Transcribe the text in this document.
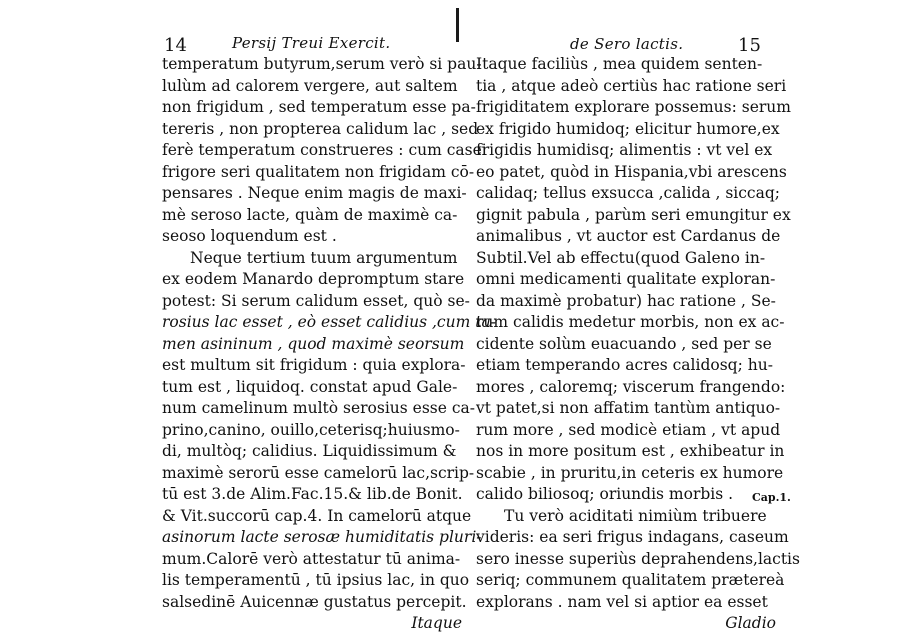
14	Persij Treui Exercit.
temperatum butyrum,serum verò si pau-
lulùm ad calorem vergere, aut saltem
non frigidum , sed temperatum esse pa-
tereris , non propterea calidum lac , sed
ferè temperatum construeres : cum casei
frigore seri qualitatem non frigidam cō-
pensares . Neque enim magis de maxi-
mè seroso lacte, quàm de maximè ca-
seoso loquendum est .
Neque tertium tuum argumentum
ex eodem Manardo depromptum stare
potest: Si serum calidum esset, quò se-
rosius lac esset , eò esset calidius ,cum ta-
men asininum , quod maximè seorsum
est multum sit frigidum : quia explora-
tum est , liquidoq. constat apud Gale-
num camelinum multò serosius esse ca-
prino,canino, ouillo,ceterisq;huiusmo-
di, multòq; calidius. Liquidissimum &
maximè serorū esse camelorū lac,scrip-
tū est 3.de Alim.Fac.15.& lib.de Bonit.
& Vit.succorū cap.4. In camelorū atque
asinorum lacte serosæ humiditatis pluri-
mum.Calorē verò attestatur tū anima-
lis temperamentū , tū ipsius lac, in quo
salsedinē Auicennæ gustatus percepit.
Itaque
de Sero lactis.	15
Itaque faciliùs , mea quidem senten-
tia , atque adeò certiùs hac ratione seri
frigiditatem explorare possemus: serum
ex frigido humidoq; elicitur humore,ex
frigidis humidisq; alimentis : vt vel ex
eo patet, quòd in Hispania,vbi arescens
calidaq; tellus exsucca ,calida , siccaq;
gignit pabula , parùm seri emungitur ex
animalibus , vt auctor est Cardanus de
Subtil.Vel ab effectu(quod Galeno in-
omni medicamenti qualitate exploran-
da maximè probatur) hac ratione , Se-
rum calidis medetur morbis, non ex ac-
cidente solùm euacuando , sed per se
etiam temperando acres calidosq; hu-
mores , caloremq; viscerum frangendo:
vt patet,si non affatim tantùm antiquo-
rum more , sed modicè etiam , vt apud
nos in more positum est , exhibeatur in
scabie , in pruritu,in ceteris ex humore
calido biliosoq; oriundis morbis .
Tu verò aciditati nimiùm tribuere
videris: ea seri frigus indagans, caseum
sero inesse superiùs deprahendens,lactis
seriq; communem qualitatem prætereà
explorans . nam vel si aptior ea esset
Gladio
Cap.1.
